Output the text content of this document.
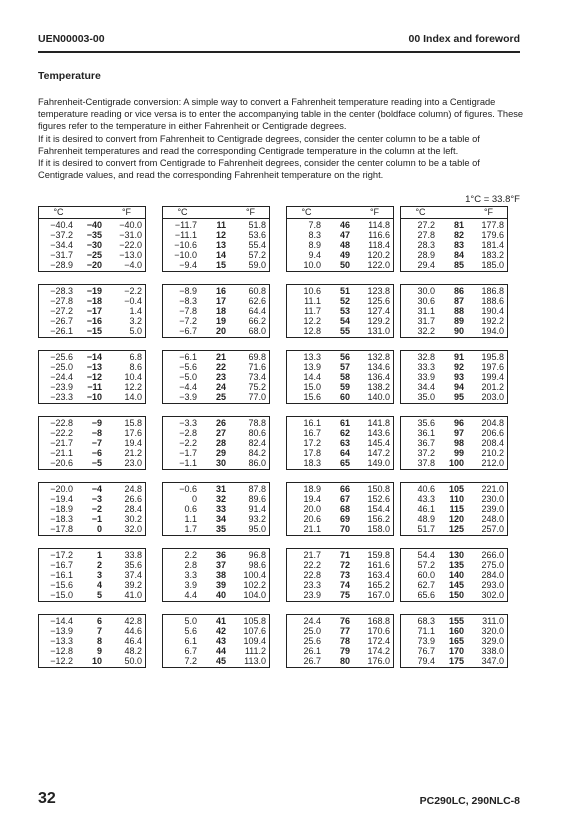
UEN00003-00	00 Index and foreword
Temperature

Fahrenheit-Centigrade conversion: A simple way to convert a Fahrenheit temperature reading into a Centigrade temperature reading or vice versa is to enter the accompanying table in the center (boldface column) of figures. These figures refer to the temperature in either Fahrenheit or Centigrade degrees.

If it is desired to convert from Fahrenheit to Centigrade degrees, consider the center column to be a table of Fahrenheit temperatures and read the corresponding Centigrade temperature in the column at the left.

If it is desired to convert from Centigrade to Fahrenheit degrees, consider the center column to be a table of Centigrade values, and read the corresponding Fahrenheit temperature on the right.

1°C = 33.8°F
°C	°F
−40.4	−40	−40.0
−37.2	−35	−31.0
−34.4	−30	−22.0
−31.7	−25	−13.0
−28.9	−20	−4.0
−28.3	−19	−2.2
−27.8	−18	−0.4
−27.2	−17	1.4
−26.7	−16	3.2
−26.1	−15	5.0
−25.6	−14	6.8
−25.0	−13	8.6
−24.4	−12	10.4
−23.9	−11	12.2
−23.3	−10	14.0
−22.8	−9	15.8
−22.2	−8	17.6
−21.7	−7	19.4
−21.1	−6	21.2
−20.6	−5	23.0
−20.0	−4	24.8
−19.4	−3	26.6
−18.9	−2	28.4
−18.3	−1	30.2
−17.8	0	32.0
−17.2	1	33.8
−16.7	2	35.6
−16.1	3	37.4
−15.6	4	39.2
−15.0	5	41.0
−14.4	6	42.8
−13.9	7	44.6
−13.3	8	46.4
−12.8	9	48.2
−12.2	10	50.0
°C	°F
−11.7	11	51.8
−11.1	12	53.6
−10.6	13	55.4
−10.0	14	57.2
−9.4	15	59.0
−8.9	16	60.8
−8.3	17	62.6
−7.8	18	64.4
−7.2	19	66.2
−6.7	20	68.0
−6.1	21	69.8
−5.6	22	71.6
−5.0	23	73.4
−4.4	24	75.2
−3.9	25	77.0
−3.3	26	78.8
−2.8	27	80.6
−2.2	28	82.4
−1.7	29	84.2
−1.1	30	86.0
−0.6	31	87.8
0	32	89.6
0.6	33	91.4
1.1	34	93.2
1.7	35	95.0
2.2	36	96.8
2.8	37	98.6
3.3	38	100.4
3.9	39	102.2
4.4	40	104.0
5.0	41	105.8
5.6	42	107.6
6.1	43	109.4
6.7	44	111.2
7.2	45	113.0
°C	°F
7.8	46	114.8
8.3	47	116.6
8.9	48	118.4
9.4	49	120.2
10.0	50	122.0
10.6	51	123.8
11.1	52	125.6
11.7	53	127.4
12.2	54	129.2
12.8	55	131.0
13.3	56	132.8
13.9	57	134.6
14.4	58	136.4
15.0	59	138.2
15.6	60	140.0
16.1	61	141.8
16.7	62	143.6
17.2	63	145.4
17.8	64	147.2
18.3	65	149.0
18.9	66	150.8
19.4	67	152.6
20.0	68	154.4
20.6	69	156.2
21.1	70	158.0
21.7	71	159.8
22.2	72	161.6
22.8	73	163.4
23.3	74	165.2
23.9	75	167.0
24.4	76	168.8
25.0	77	170.6
25.6	78	172.4
26.1	79	174.2
26.7	80	176.0
°C	°F
27.2	81	177.8
27.8	82	179.6
28.3	83	181.4
28.9	84	183.2
29.4	85	185.0
30.0	86	186.8
30.6	87	188.6
31.1	88	190.4
31.7	89	192.2
32.2	90	194.0
32.8	91	195.8
33.3	92	197.6
33.9	93	199.4
34.4	94	201.2
35.0	95	203.0
35.6	96	204.8
36.1	97	206.6
36.7	98	208.4
37.2	99	210.2
37.8	100	212.0
40.6	105	221.0
43.3	110	230.0
46.1	115	239.0
48.9	120	248.0
51.7	125	257.0
54.4	130	266.0
57.2	135	275.0
60.0	140	284.0
62.7	145	293.0
65.6	150	302.0
68.3	155	311.0
71.1	160	320.0
73.9	165	329.0
76.7	170	338.0
79.4	175	347.0
32	PC290LC, 290NLC-8
